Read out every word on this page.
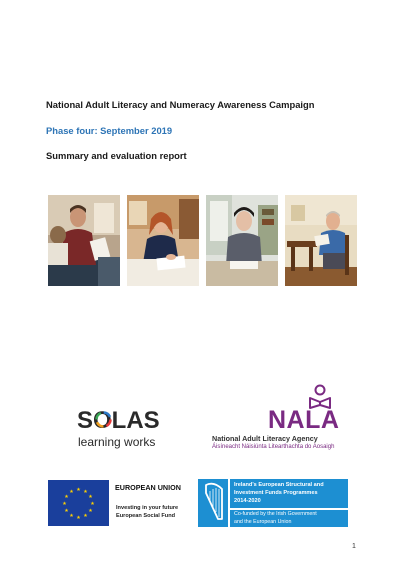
National Adult Literacy and Numeracy Awareness Campaign
Phase four: September 2019
Summary and evaluation report
SOLAS
learning works
NALA
National Adult Literacy Agency
Áisíneacht Náisiúnta Litearthachta do Aosaigh
★ ★
★
★
★
★
★
★
★
★
★
★	EUROPEAN UNION
Investing in your future
European Social Fund
Ireland's European Structural and
Investment Funds Programmes
2014-2020
Co-funded by the Irish Government
and the European Union
1
